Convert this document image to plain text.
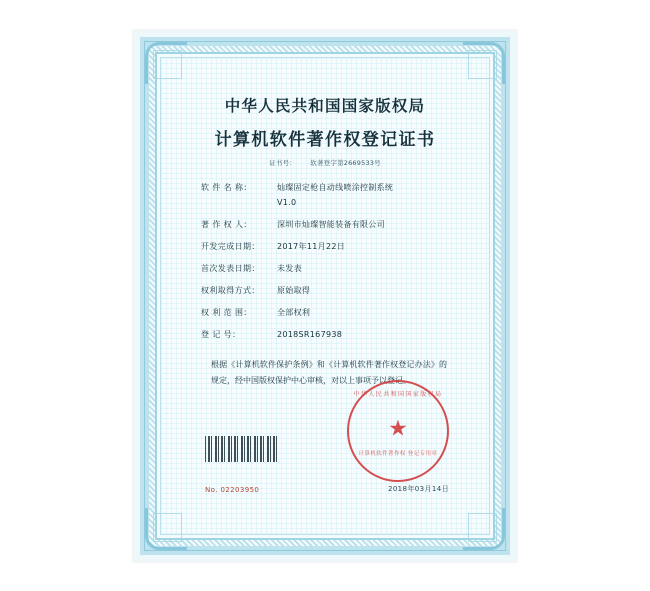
中华人民共和国国家版权局
计算机软件著作权登记证书
证书号： 软著登字第2669533号
软 件 名 称：	灿璨固定枪自动线喷涂控制系统
V1.0
著 作 权 人：	深圳市灿璨智能装备有限公司
开发完成日期：	2017年11月22日
首次发表日期：	未发表
权利取得方式：	原始取得
权 利 范 围：	全部权利
登 记 号：	2018SR167938
根据《计算机软件保护条例》和《计算机软件著作权登记办法》的规定，经中国版权保护中心审核，对以上事项予以登记。
中华人民共和国国家版权局
★
计算机软件著作权 登记专用章
No. 02203950	2018年03月14日
